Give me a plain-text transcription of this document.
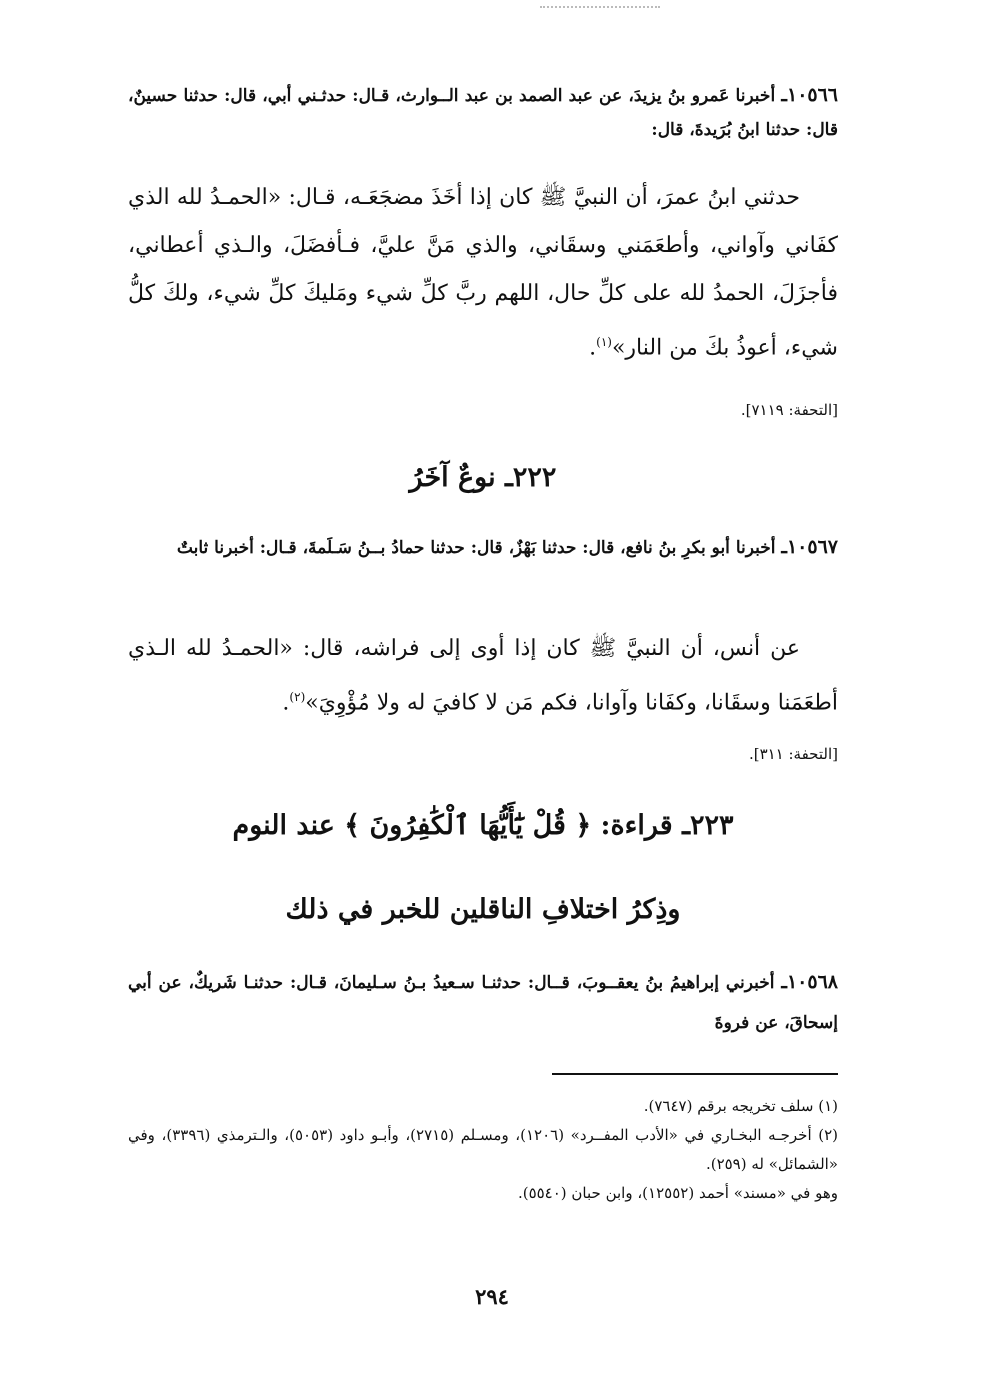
١٠٥٦٦ـ أخبرنا عَمرو بنُ يزيدَ، عن عبد الصمد بن عبد الــوارث، قـال: حدثـني أبي، قال: حدثنا حسينٌ، قال: حدثنا ابنُ بُرَيدةَ، قال:
حدثني ابنُ عمرَ، أن النبيَّ ﷺ كان إذا أخَذَ مضجَعَـه، قـال: «الحمـدُ لله الذي كفَاني وآواني، وأطعَمَني وسقَاني، والذي مَنَّ عليَّ، فـأفضَلَ، والـذي أعطاني، فأجزَلَ، الحمدُ لله على كلِّ حال، اللهم ربَّ كلِّ شيء ومَليكَ كلِّ شيء، ولكَ كلُّ شيء، أعوذُ بكَ من النار»$^{(١)}$.
[التحفة: ٧١١٩].
٢٢٢ـ نوعٌ آخَرُ
١٠٥٦٧ـ أخبرنا أبو بكرِ بنُ نافع، قال: حدثنا بَهْزٌ، قال: حدثنا حمادُ بــنُ سَـلَمةَ، قـال: أخبرنا ثابتٌ
عن أنس، أن النبيَّ ﷺ كان إذا أوى إلى فراشه، قال: «الحمـدُ لله الـذي أطعَمَنا وسقَانا، وكفَانا وآوانا، فكم مَن لا كافيَ له ولا مُؤْوِيَ»$^{(٢)}$.
[التحفة: ٣١١].
٢٢٣ـ قراءة: ﴿ قُلْ يَٰٓأَيُّهَا ٱلْكَٰفِرُونَ ﴾ عند النوم
وذِكرُ اختلافِ الناقلين للخبر في ذلك
١٠٥٦٨ـ أخبرني إبراهيمُ بنُ يعقــوبَ، قــال: حدثنـا سـعيدُ بـنُ سـليمانَ، قـال: حدثنـا شَريكٌ، عن أبي إسحاقَ، عن فروةَ

(١) سلف تخريجه برقم (٧٦٤٧).

(٢) أخرجـه البخـاري في «الأدب المفــرد» (١٢٠٦)، ومسـلم (٢٧١٥)، وأبـو داود (٥٠٥٣)، والـترمذي (٣٣٩٦)، وفي «الشمائل» له (٢٥٩).

وهو في «مسند» أحمد (١٢٥٥٢)، وابن حبان (٥٥٤٠).

٢٩٤
